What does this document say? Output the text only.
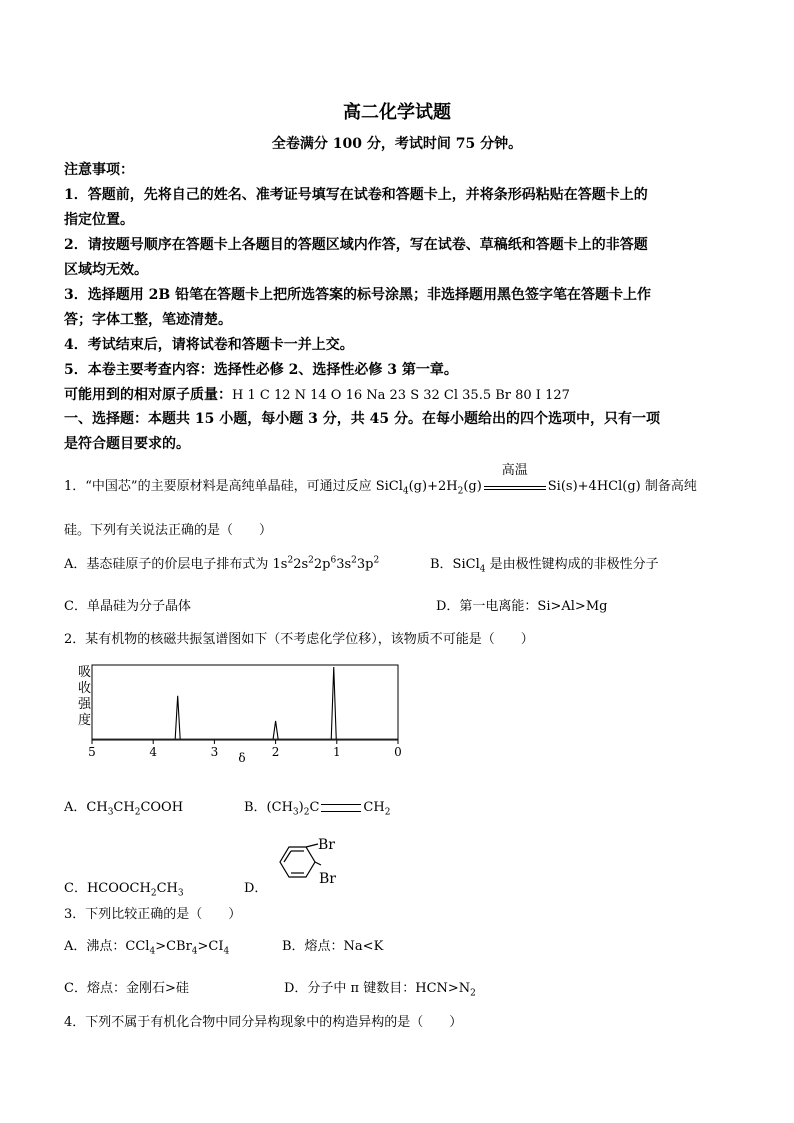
高二化学试题
全卷满分 100 分，考试时间 75 分钟。
注意事项：
1．答题前，先将自己的姓名、准考证号填写在试卷和答题卡上，并将条形码粘贴在答题卡上的
指定位置。
2．请按题号顺序在答题卡上各题目的答题区域内作答，写在试卷、草稿纸和答题卡上的非答题
区域均无效。
3．选择题用 2B 铅笔在答题卡上把所选答案的标号涂黑；非选择题用黑色签字笔在答题卡上作
答；字体工整，笔迹清楚。
4．考试结束后，请将试卷和答题卡一并上交。
5．本卷主要考查内容：选择性必修 2、选择性必修 3 第一章。
可能用到的相对原子质量：H 1 C 12 N 14 O 16 Na 23 S 32 Cl 35.5 Br 80 I 127
一、选择题：本题共 15 小题，每小题 3 分，共 45 分。在每小题给出的四个选项中，只有一项
是符合题目要求的。
1．“中国芯”的主要原材料是高纯单晶硅，可通过反应 $SiCl_4(g)+2H_2(g)$
高温
Si(s)+4HCl(g) 制备高纯
硅。下列有关说法正确的是（　　）
A．基态硅原子的价层电子排布式为 $1s^22s^22p^63s^23p^2$	B．SiCl$_4$ 是由极性键构成的非极性分子
C．单晶硅为分子晶体	D．第一电离能：Si>Al>Mg
2．某有机物的核磁共振氢谱图如下（不考虑化学位移），该物质不可能是（　　）
吸
收
强
度
5	4	3	2	1	0
δ
A．$CH_3CH_2COOH$	B．$(CH_3)_2C$	$CH_2$
C．$HCOOCH_2CH_3$	D．
Br
Br
3．下列比较正确的是（　　）
A．沸点：$CCl_4>CBr_4>CI_4$	B．熔点：Na<K
C．熔点：金刚石>硅	D．分子中 π 键数目：$HCN>N_2$
4．下列不属于有机化合物中同分异构现象中的构造异构的是（　　）
